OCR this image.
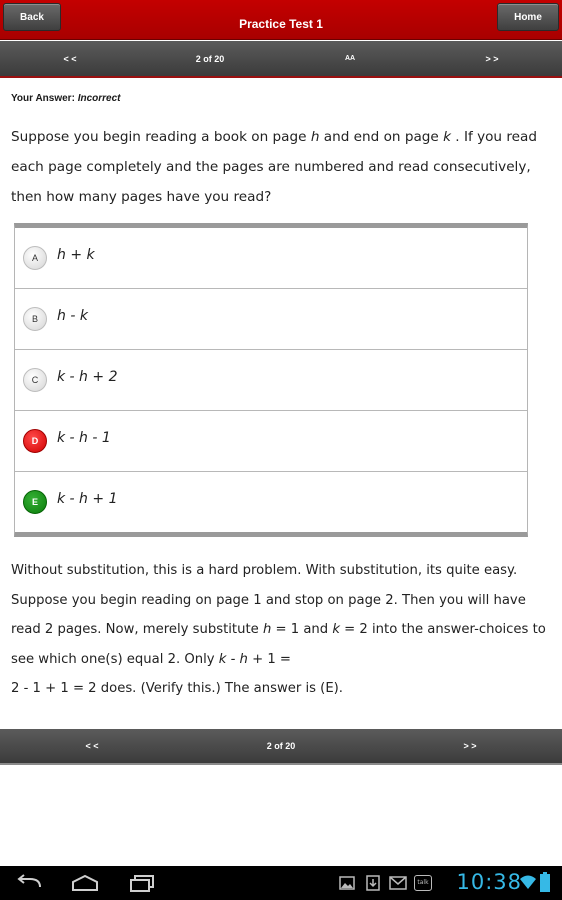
Back	Practice Test 1	Home
< <	2 of 20	AA	> >
Your Answer: Incorrect
Suppose you begin reading a book on page h and end on page k . If you read each page completely and the pages are numbered and read consecutively, then how many pages have you read?
A	h + k
B	h - k
C	k - h + 2
D	k - h - 1
E	k - h + 1
Without substitution, this is a hard problem. With substitution, its quite easy. Suppose you begin reading on page 1 and stop on page 2. Then you will have read 2 pages. Now, merely substitute h = 1 and k = 2 into the answer-choices to see which one(s) equal 2. Only k - h + 1 =
2 - 1 + 1 = 2 does. (Verify this.) The answer is (E).
< <	2 of 20	> >
talk 10:38
